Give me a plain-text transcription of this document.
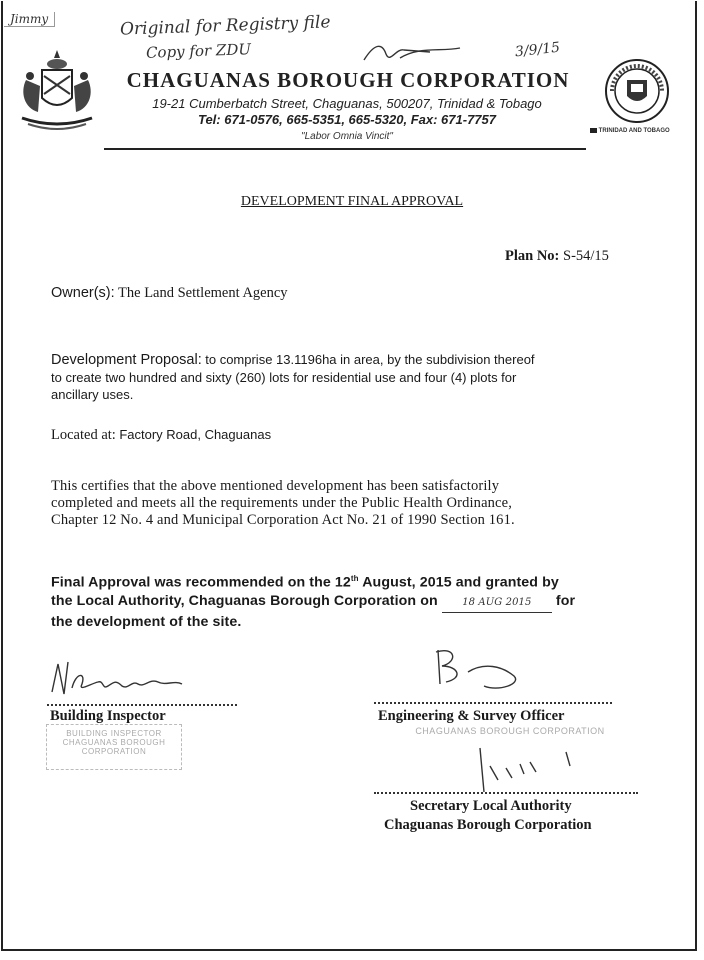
Jimmy	Original for Registry file
Copy for ZDU	3/9/15
CHAGUANAS BOROUGH CORPORATION
19-21 Cumberbatch Street, Chaguanas, 500207, Trinidad & Tobago
Tel: 671-0576, 665-5351, 665-5320, Fax: 671-7757
"Labor Omnia Vincit"	TRINIDAD AND TOBAGO
DEVELOPMENT FINAL APPROVAL
Plan No: S-54/15
Owner(s): The Land Settlement Agency
Development Proposal: to comprise 13.1196ha in area, by the subdivision thereof
to create two hundred and sixty (260) lots for residential use and four (4) plots for
ancillary uses.
Located at: Factory Road, Chaguanas
This certifies that the above mentioned development has been satisfactorily
completed and meets all the requirements under the Public Health Ordinance,
Chapter 12 No. 4 and Municipal Corporation Act No. 21 of 1990 Section 161.
Final Approval was recommended on the 12th August, 2015 and granted by
the Local Authority, Chaguanas Borough Corporation on 18 AUG 2015 for
the development of the site.
Building Inspector
BUILDING INSPECTOR
CHAGUANAS BOROUGH
CORPORATION
Engineering & Survey Officer
CHAGUANAS BOROUGH CORPORATION
Secretary Local Authority
Chaguanas Borough Corporation
